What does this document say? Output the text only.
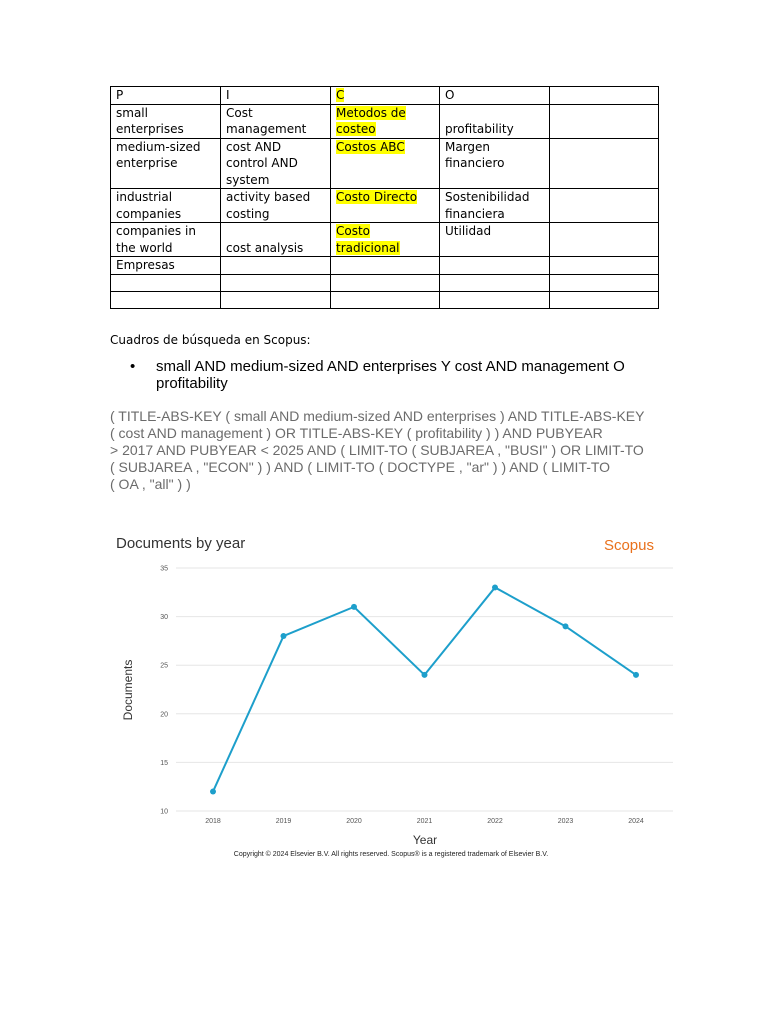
P	I	C	O	
small enterprises	Cost management	Metodos de costeo	profitability	
medium-sized enterprise	cost AND control AND system	Costos ABC	Margen financiero	
industrial companies	activity based costing	Costo Directo	Sostenibilidad financiera	
companies in the world	cost analysis	Costo tradicional	Utilidad	
Empresas				

Cuadros de búsqueda en Scopus:
• small AND medium-sized AND enterprises Y cost AND management O profitability
( TITLE-ABS-KEY ( small AND medium-sized AND enterprises ) AND TITLE-ABS-KEY
( cost AND management ) OR TITLE-ABS-KEY ( profitability ) ) AND PUBYEAR
> 2017 AND PUBYEAR < 2025 AND ( LIMIT-TO ( SUBJAREA , "BUSI" ) OR LIMIT-TO
( SUBJAREA , "ECON" ) ) AND ( LIMIT-TO ( DOCTYPE , "ar" ) ) AND ( LIMIT-TO
( OA , "all" ) )
Documents by year	Scopus
10
15
20
25
30
35
2018	2019	2020	2021	2022	2023	2024
Year
Documents
Copyright © 2024 Elsevier B.V. All rights reserved. Scopus® is a registered trademark of Elsevier B.V.
